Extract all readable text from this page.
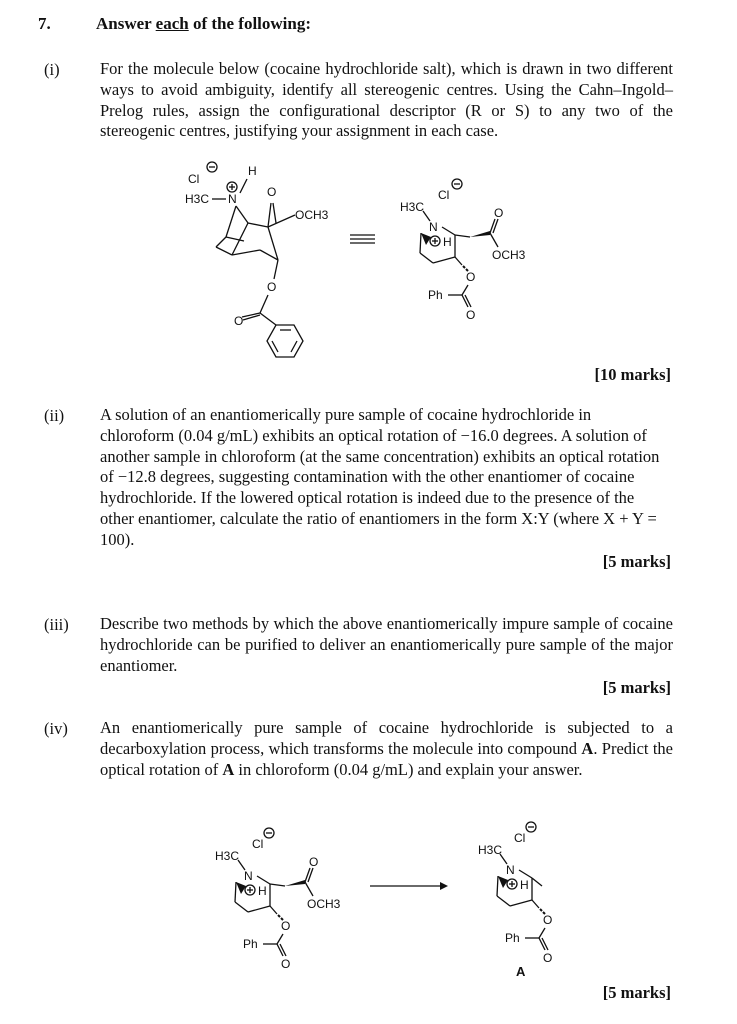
7.	Answer each of the following:
(i) For the molecule below (cocaine hydrochloride salt), which is drawn in two different ways to avoid ambiguity, identify all stereogenic centres. Using the Cahn–Ingold–Prelog rules, assign the configurational descriptor (R or S) to any two of the stereogenic centres, justifying your assignment in each case.
Cl
H
H3C N	O
OCH3
O
O
H3C
Cl
N
H
O
OCH3
O
O
Ph
[10 marks]
(ii) A solution of an enantiomerically pure sample of cocaine hydrochloride in chloroform (0.04 g/mL) exhibits an optical rotation of −16.0 degrees. A solution of another sample in chloroform (at the same concentration) exhibits an optical rotation of −12.8 degrees, suggesting contamination with the other enantiomer of cocaine hydrochloride. If the lowered optical rotation is indeed due to the presence of the other enantiomer, calculate the ratio of enantiomers in the form X:Y (where X + Y = 100).
[5 marks]
(iii) Describe two methods by which the above enantiomerically impure sample of cocaine hydrochloride can be purified to deliver an enantiomerically pure sample of the major enantiomer.
[5 marks]
(iv) An enantiomerically pure sample of cocaine hydrochloride is subjected to a decarboxylation process, which transforms the molecule into compound A. Predict the optical rotation of A in chloroform (0.04 g/mL) and explain your answer.
H3C
Cl
N
H
O
OCH3
O
O
Ph
H3C
Cl
N
H
O
O
Ph
A
[5 marks]
